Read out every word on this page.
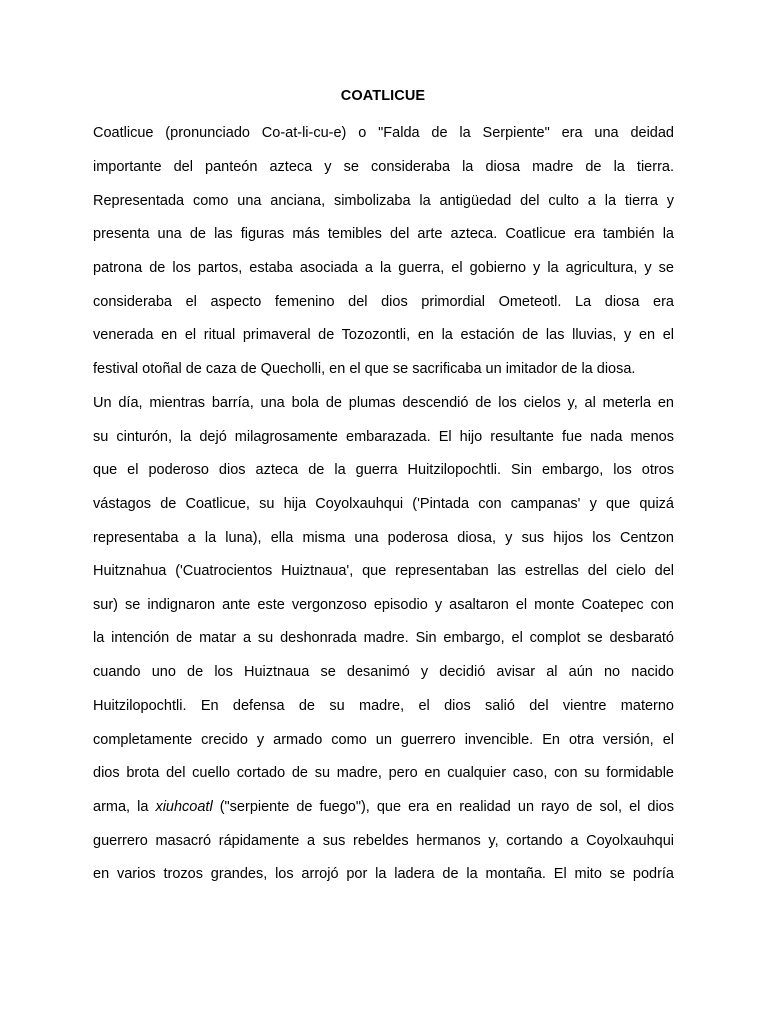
COATLICUE
Coatlicue (pronunciado Co-at-li-cu-e) o "Falda de la Serpiente" era una deidad
importante del panteón azteca y se consideraba la diosa madre de la tierra.
Representada como una anciana, simbolizaba la antigüedad del culto a la tierra y
presenta una de las figuras más temibles del arte azteca. Coatlicue era también la
patrona de los partos, estaba asociada a la guerra, el gobierno y la agricultura, y se
consideraba el aspecto femenino del dios primordial Ometeotl. La diosa era
venerada en el ritual primaveral de Tozozontli, en la estación de las lluvias, y en el
festival otoñal de caza de Quecholli, en el que se sacrificaba un imitador de la diosa.
Un día, mientras barría, una bola de plumas descendió de los cielos y, al meterla en
su cinturón, la dejó milagrosamente embarazada. El hijo resultante fue nada menos
que el poderoso dios azteca de la guerra Huitzilopochtli. Sin embargo, los otros
vástagos de Coatlicue, su hija Coyolxauhqui ('Pintada con campanas' y que quizá
representaba a la luna), ella misma una poderosa diosa, y sus hijos los Centzon
Huitznahua ('Cuatrocientos Huiztnaua', que representaban las estrellas del cielo del
sur) se indignaron ante este vergonzoso episodio y asaltaron el monte Coatepec con
la intención de matar a su deshonrada madre. Sin embargo, el complot se desbarató
cuando uno de los Huiztnaua se desanimó y decidió avisar al aún no nacido
Huitzilopochtli. En defensa de su madre, el dios salió del vientre materno
completamente crecido y armado como un guerrero invencible. En otra versión, el
dios brota del cuello cortado de su madre, pero en cualquier caso, con su formidable
arma, la xiuhcoatl ("serpiente de fuego"), que era en realidad un rayo de sol, el dios
guerrero masacró rápidamente a sus rebeldes hermanos y, cortando a Coyolxauhqui
en varios trozos grandes, los arrojó por la ladera de la montaña. El mito se podría
